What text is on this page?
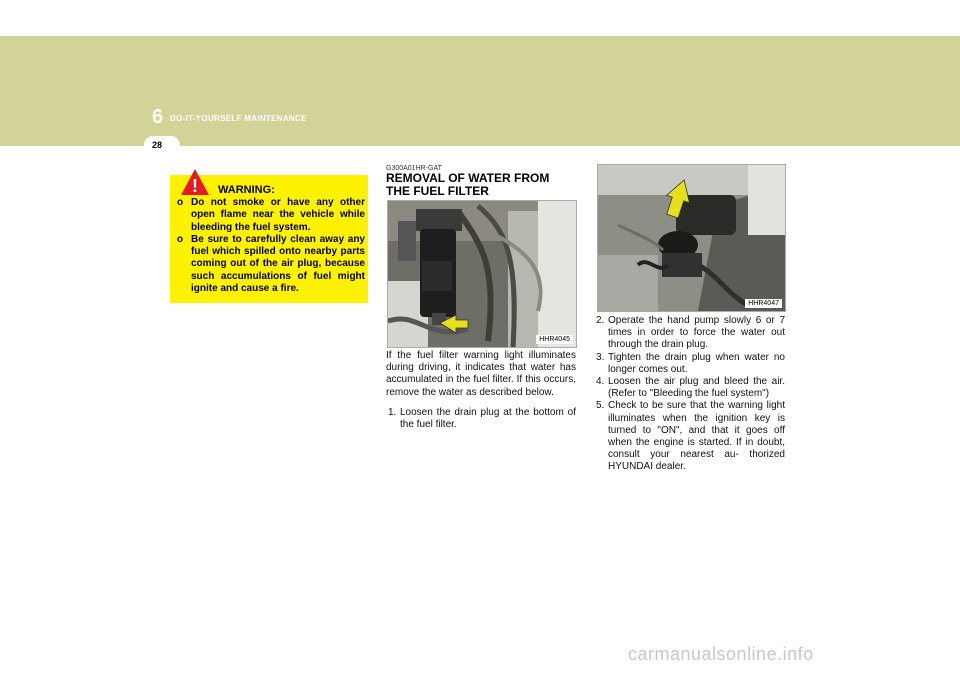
6 DO-IT-YOURSELF MAINTENANCE
28
! WARNING:
o Do not smoke or have any other open flame near the vehicle while bleeding the fuel system.
o Be sure to carefully clean away any fuel which spilled onto nearby parts coming out of the air plug, because such accumulations of fuel might ignite and cause a fire.
G300A01HR-GAT
REMOVAL OF WATER FROM THE FUEL FILTER
HHR4045

If the fuel filter warning light illuminates during driving, it indicates that water has accumulated in the fuel filter. If this occurs, remove the water as described below.

1. Loosen the drain plug at the bottom of the fuel filter.
HHR4047
2. Operate the hand pump slowly 6 or 7 times in order to force the water out through the drain plug.
3. Tighten the drain plug when water no longer comes out.
4. Loosen the air plug and bleed the air. (Refer to "Bleeding the fuel system")
5. Check to be sure that the warning light illuminates when the ignition key is turned to "ON", and that it goes off when the engine is started. If in doubt, consult your nearest au- thorized HYUNDAI dealer.
carmanualsonline.info
